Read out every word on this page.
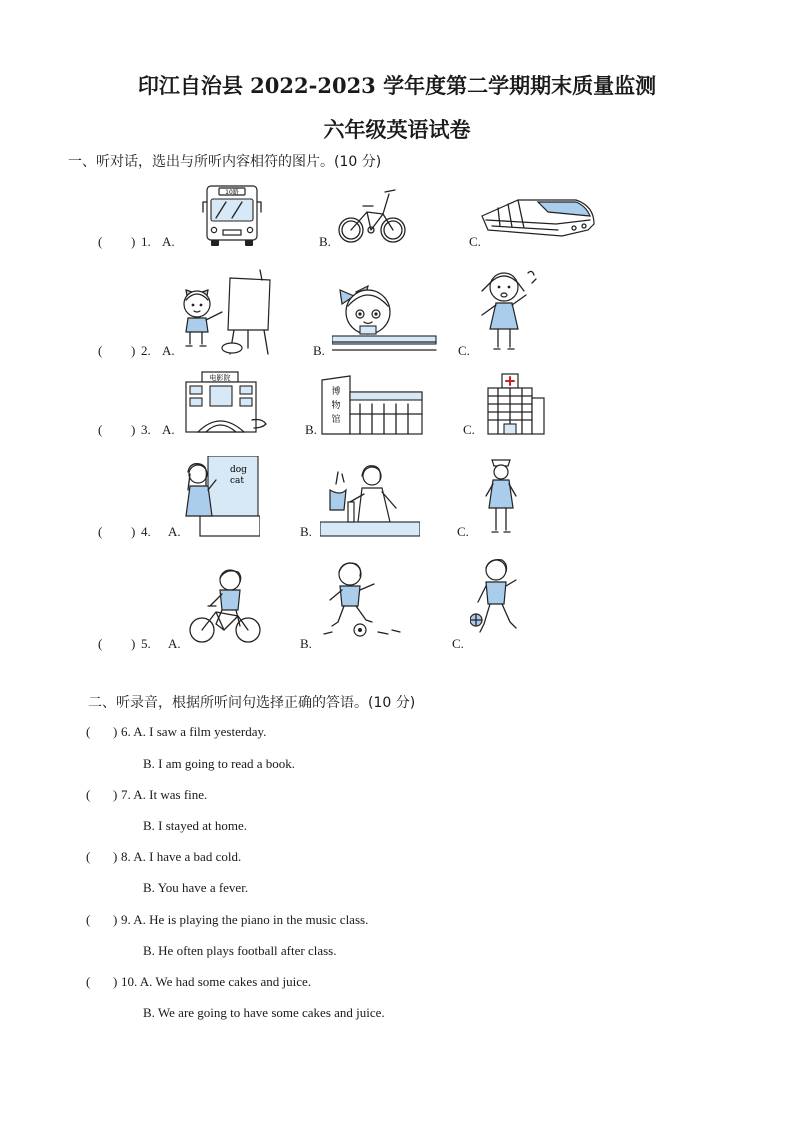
印江自治县 2022-2023 学年度第二学期期末质量监测
六年级英语试卷
一、听对话，选出与所听内容相符的图片。(10 分)
( ) 1. A.	B.	C.
( ) 2. A.	B.	C.
( ) 3. A.	B.	C.
( ) 4. A.	B.	C.
( ) 5. A.	B.	C.
10路
电影院
博
物
馆
dog
cat
二、听录音，根据所听问句选择正确的答语。(10 分)
( ) 6. A. I saw a film yesterday.
B. I am going to read a book.
( ) 7. A. It was fine.
B. I stayed at home.
( ) 8. A. I have a bad cold.
B. You have a fever.
( ) 9. A. He is playing the piano in the music class.
B. He often plays football after class.
( ) 10. A. We had some cakes and juice.
B. We are going to have some cakes and juice.
